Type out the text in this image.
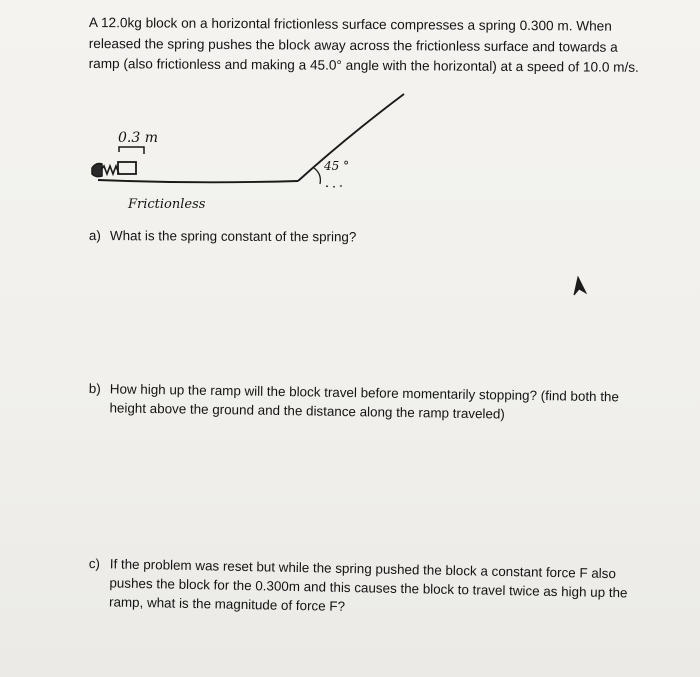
A 12.0kg block on a horizontal frictionless surface compresses a spring 0.300 m. When released the spring pushes the block away across the frictionless surface and towards a ramp (also frictionless and making a 45.0° angle with the horizontal) at a speed of 10.0 m/s.

0.3 m
45 °
Frictionless
a) What is the spring constant of the spring?
b) How high up the ramp will the block travel before momentarily stopping? (find both the height above the ground and the distance along the ramp traveled)
c) If the problem was reset but while the spring pushed the block a constant force F also pushes the block for the 0.300m and this causes the block to travel twice as high up the ramp, what is the magnitude of force F?
